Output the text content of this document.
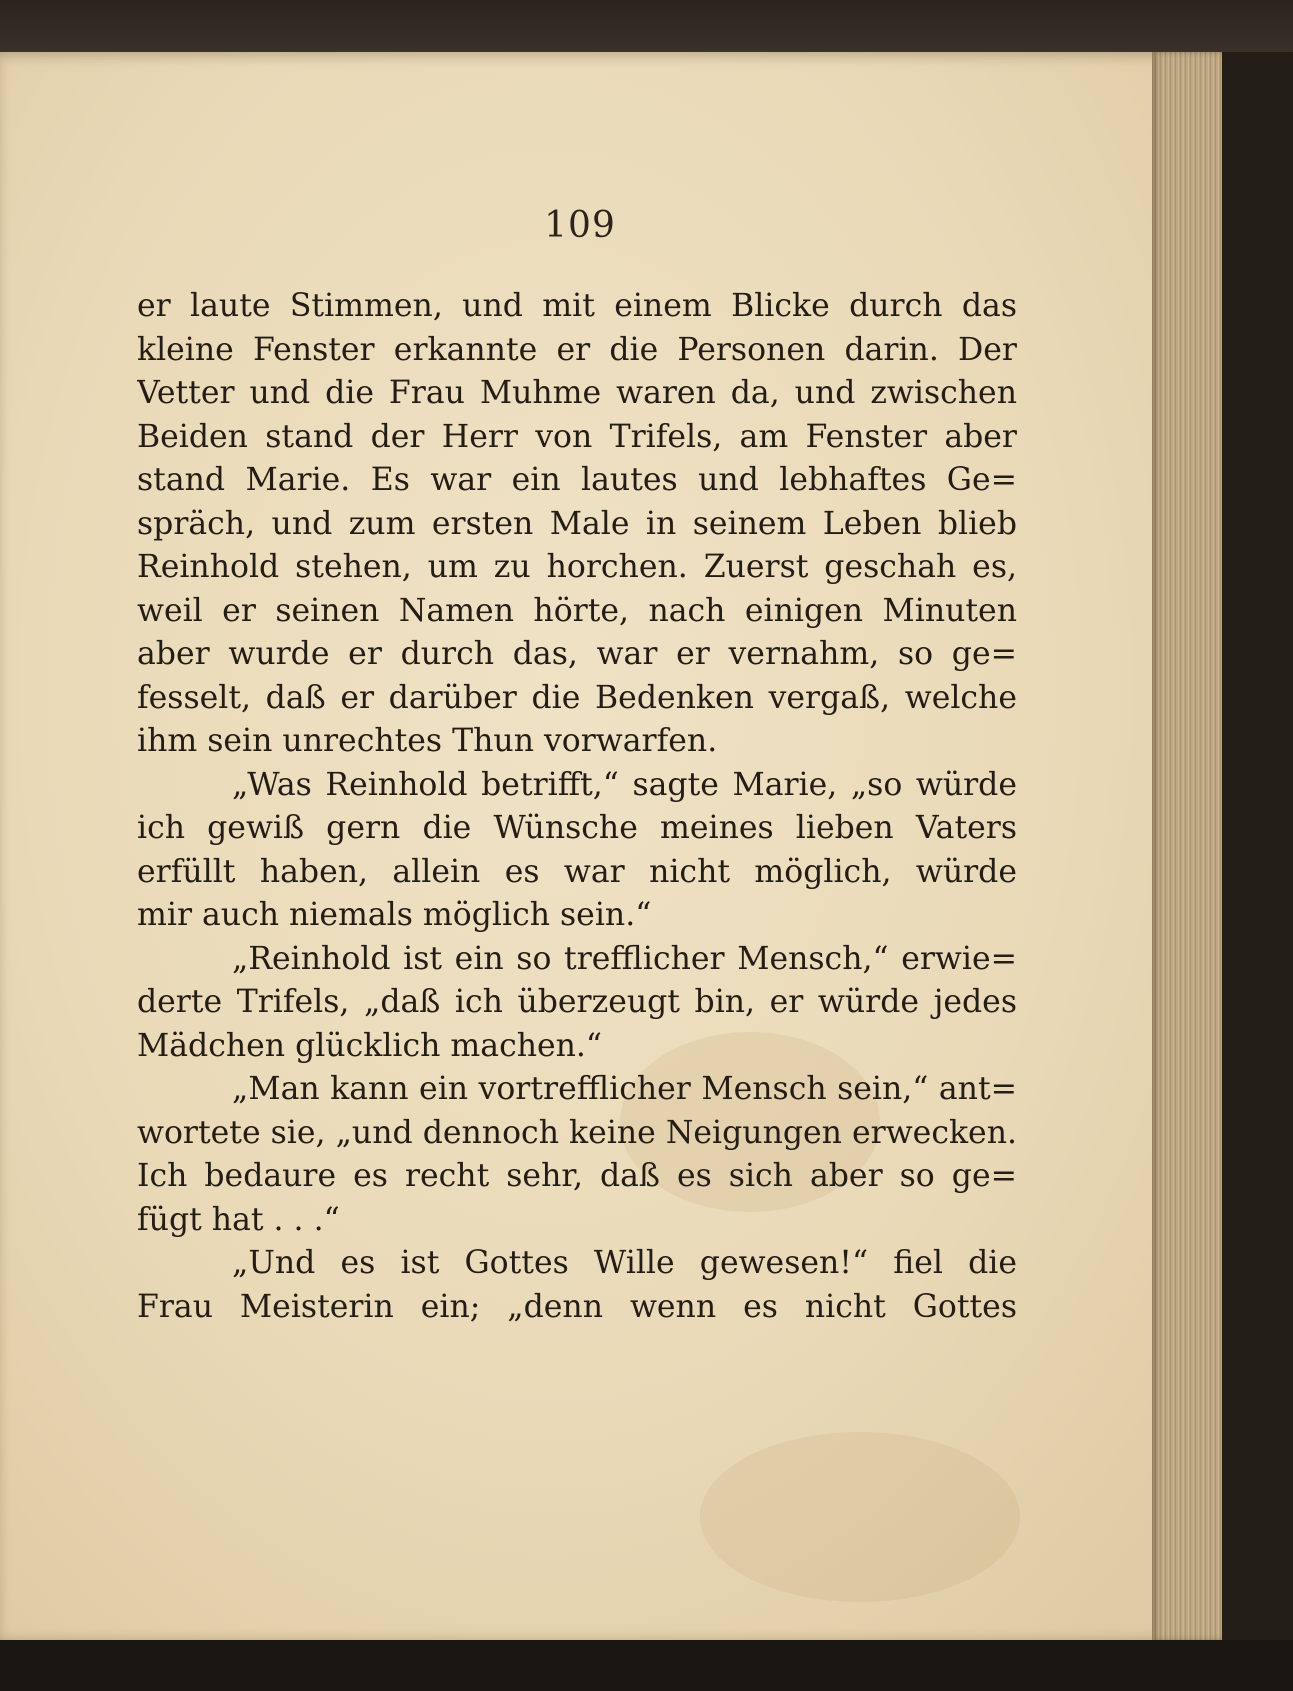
109
er laute Stimmen, und mit einem Blicke durch das
kleine Fenster erkannte er die Personen darin. Der
Vetter und die Frau Muhme waren da, und zwischen
Beiden stand der Herr von Trifels, am Fenster aber
stand Marie. Es war ein lautes und lebhaftes Ge=
spräch, und zum ersten Male in seinem Leben blieb
Reinhold stehen, um zu horchen. Zuerst geschah es,
weil er seinen Namen hörte, nach einigen Minuten
aber wurde er durch das, war er vernahm, so ge=
fesselt, daß er darüber die Bedenken vergaß, welche
ihm sein unrechtes Thun vorwarfen.
„Was Reinhold betrifft,“ sagte Marie, „so würde
ich gewiß gern die Wünsche meines lieben Vaters
erfüllt haben, allein es war nicht möglich, würde
mir auch niemals möglich sein.“
„Reinhold ist ein so trefflicher Mensch,“ erwie=
derte Trifels, „daß ich überzeugt bin, er würde jedes
Mädchen glücklich machen.“
„Man kann ein vortrefflicher Mensch sein,“ ant=
wortete sie, „und dennoch keine Neigungen erwecken.
Ich bedaure es recht sehr, daß es sich aber so ge=
fügt hat . . .“
„Und es ist Gottes Wille gewesen!“ fiel die
Frau Meisterin ein; „denn wenn es nicht Gottes
